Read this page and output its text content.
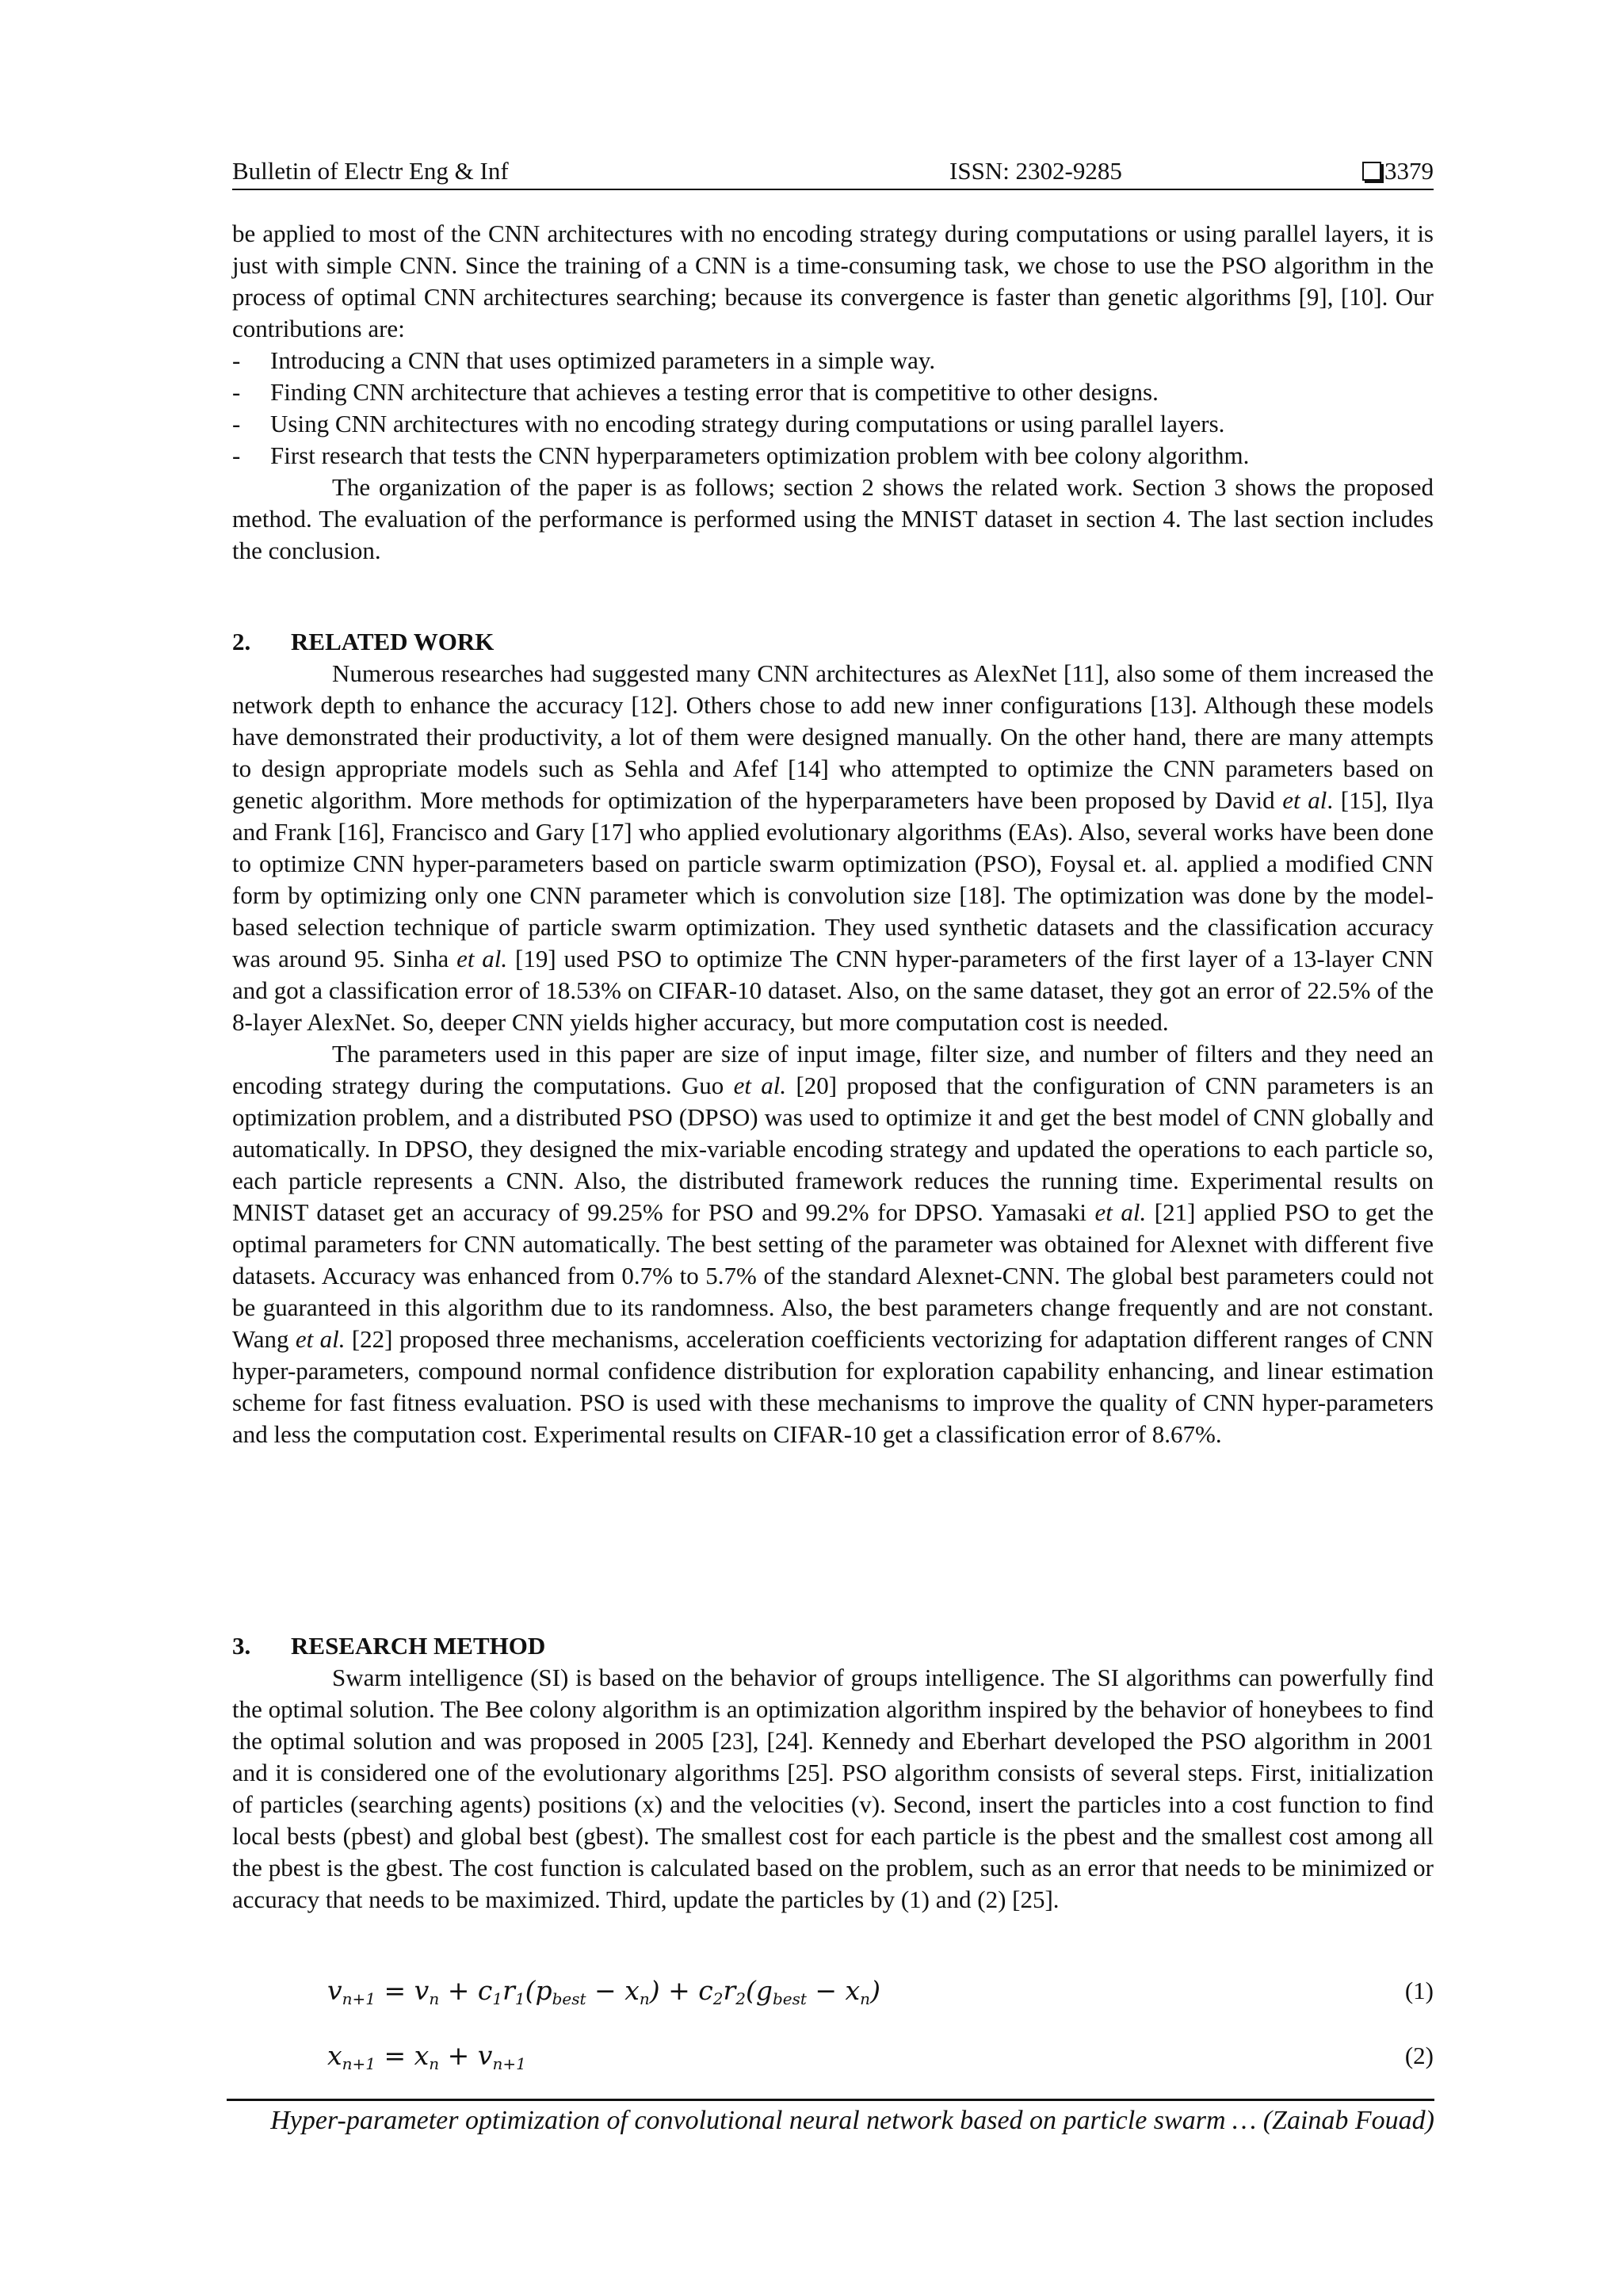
Bulletin of Electr Eng & Inf	ISSN: 2302-9285	3379

be applied to most of the CNN architectures with no encoding strategy during computations or using parallel layers, it is just with simple CNN. Since the training of a CNN is a time-consuming task, we chose to use the PSO algorithm in the process of optimal CNN architectures searching; because its convergence is faster than genetic algorithms [9], [10]. Our contributions are:

- Introducing a CNN that uses optimized parameters in a simple way.
- Finding CNN architecture that achieves a testing error that is competitive to other designs.
- Using CNN architectures with no encoding strategy during computations or using parallel layers.
- First research that tests the CNN hyperparameters optimization problem with bee colony algorithm.

The organization of the paper is as follows; section 2 shows the related work. Section 3 shows the proposed method. The evaluation of the performance is performed using the MNIST dataset in section 4. The last section includes the conclusion.

2. RELATED WORK

Numerous researches had suggested many CNN architectures as AlexNet [11], also some of them increased the network depth to enhance the accuracy [12]. Others chose to add new inner configurations [13]. Although these models have demonstrated their productivity, a lot of them were designed manually. On the other hand, there are many attempts to design appropriate models such as Sehla and Afef [14] who attempted to optimize the CNN parameters based on genetic algorithm. More methods for optimization of the hyperparameters have been proposed by David et al. [15], Ilya and Frank [16], Francisco and Gary [17] who applied evolutionary algorithms (EAs). Also, several works have been done to optimize CNN hyper-parameters based on particle swarm optimization (PSO), Foysal et. al. applied a modified CNN form by optimizing only one CNN parameter which is convolution size [18]. The optimization was done by the model-based selection technique of particle swarm optimization. They used synthetic datasets and the classification accuracy was around 95. Sinha et al. [19] used PSO to optimize The CNN hyper-parameters of the first layer of a 13-layer CNN and got a classification error of 18.53% on CIFAR-10 dataset. Also, on the same dataset, they got an error of 22.5% of the 8-layer AlexNet. So, deeper CNN yields higher accuracy, but more computation cost is needed.

The parameters used in this paper are size of input image, filter size, and number of filters and they need an encoding strategy during the computations. Guo et al. [20] proposed that the configuration of CNN parameters is an optimization problem, and a distributed PSO (DPSO) was used to optimize it and get the best model of CNN globally and automatically. In DPSO, they designed the mix-variable encoding strategy and updated the operations to each particle so, each particle represents a CNN. Also, the distributed framework reduces the running time. Experimental results on MNIST dataset get an accuracy of 99.25% for PSO and 99.2% for DPSO. Yamasaki et al. [21] applied PSO to get the optimal parameters for CNN automatically. The best setting of the parameter was obtained for Alexnet with different five datasets. Accuracy was enhanced from 0.7% to 5.7% of the standard Alexnet-CNN. The global best parameters could not be guaranteed in this algorithm due to its randomness. Also, the best parameters change frequently and are not constant. Wang et al. [22] proposed three mechanisms, acceleration coefficients vectorizing for adaptation different ranges of CNN hyper-parameters, compound normal confidence distribution for exploration capability enhancing, and linear estimation scheme for fast fitness evaluation. PSO is used with these mechanisms to improve the quality of CNN hyper-parameters and less the computation cost. Experimental results on CIFAR-10 get a classification error of 8.67%.

3. RESEARCH METHOD

Swarm intelligence (SI) is based on the behavior of groups intelligence. The SI algorithms can powerfully find the optimal solution. The Bee colony algorithm is an optimization algorithm inspired by the behavior of honeybees to find the optimal solution and was proposed in 2005 [23], [24]. Kennedy and Eberhart developed the PSO algorithm in 2001 and it is considered one of the evolutionary algorithms [25]. PSO algorithm consists of several steps. First, initialization of particles (searching agents) positions (x) and the velocities (v). Second, insert the particles into a cost function to find local bests (pbest) and global best (gbest). The smallest cost for each particle is the pbest and the smallest cost among all the pbest is the gbest. The cost function is calculated based on the problem, such as an error that needs to be minimized or accuracy that needs to be maximized. Third, update the particles by (1) and (2) [25].

$v_{n+1} = v_n + c_1r_1(p_{best} - x_n) + c_2r_2(g_{best} - x_n)$	(1)
$x_{n+1} = x_n + v_{n+1}$	(2)
Hyper-parameter optimization of convolutional neural network based on particle swarm … (Zainab Fouad)
